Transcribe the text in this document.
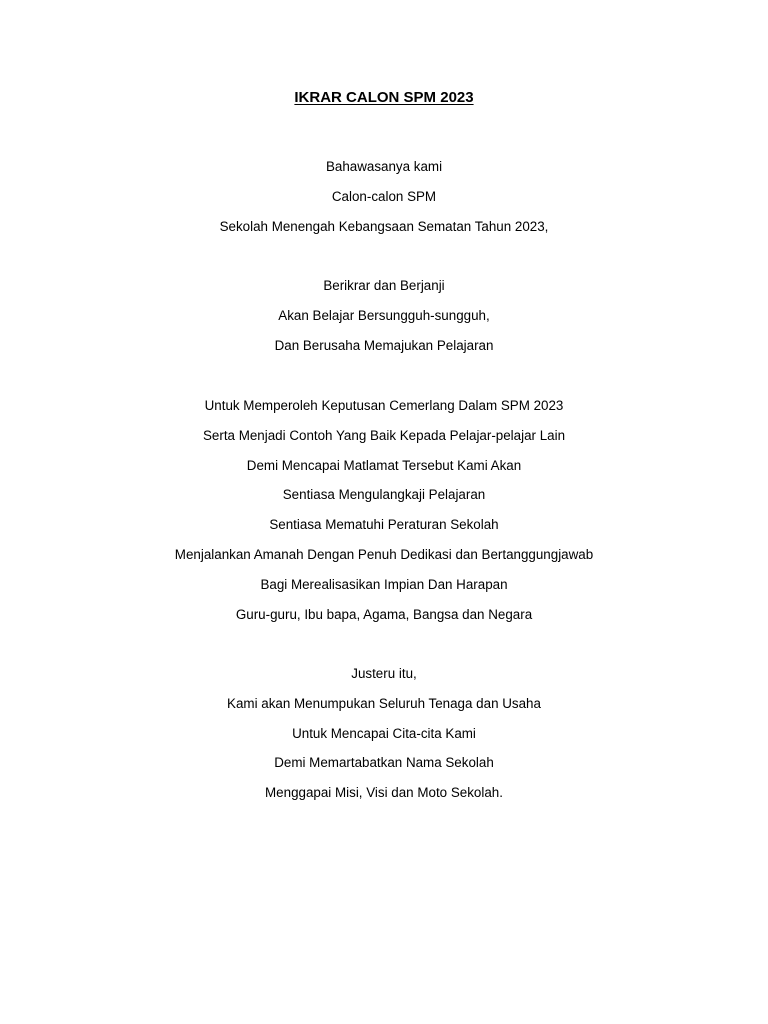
IKRAR CALON SPM 2023
Bahawasanya kami
Calon-calon SPM
Sekolah Menengah Kebangsaan Sematan Tahun 2023,
Berikrar dan Berjanji
Akan Belajar Bersungguh-sungguh,
Dan Berusaha Memajukan Pelajaran
Untuk Memperoleh Keputusan Cemerlang Dalam SPM 2023
Serta Menjadi Contoh Yang Baik Kepada Pelajar-pelajar Lain
Demi Mencapai Matlamat Tersebut Kami Akan
Sentiasa Mengulangkaji Pelajaran
Sentiasa Mematuhi Peraturan Sekolah
Menjalankan Amanah Dengan Penuh Dedikasi dan Bertanggungjawab
Bagi Merealisasikan Impian Dan Harapan
Guru-guru, Ibu bapa, Agama, Bangsa dan Negara
Justeru itu,
Kami akan Menumpukan Seluruh Tenaga dan Usaha
Untuk Mencapai Cita-cita Kami
Demi Memartabatkan Nama Sekolah
Menggapai Misi, Visi dan Moto Sekolah.
